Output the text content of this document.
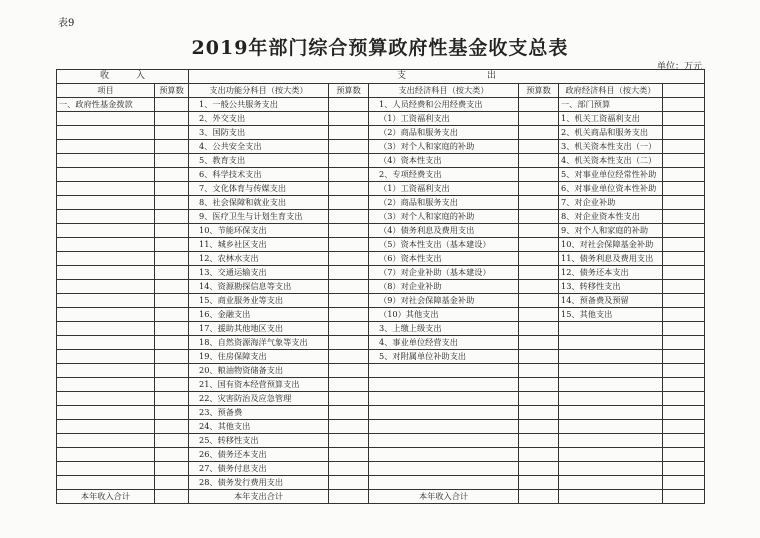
表9
2019年部门综合预算政府性基金收支总表
单位：万元
收　　　入		支　　　　　　　　　出					
项目	预算数	支出功能分科目（按大类）	预算数	支出经济科目（按大类）	预算数	政府经济科目（按大类）	
一、政府性基金拨款		1、一般公共服务支出		1、人员经费和公用经费支出		一、部门预算	
		2、外交支出		（1）工资福利支出		1、机关工资福利支出	
		3、国防支出		（2）商品和服务支出		2、机关商品和服务支出	
		4、公共安全支出		（3）对个人和家庭的补助		3、机关资本性支出（一）	
		5、教育支出		（4）资本性支出		4、机关资本性支出（二）	
		6、科学技术支出		2、专项经费支出		5、对事业单位经常性补助	
		7、文化体育与传媒支出		（1）工资福利支出		6、对事业单位资本性补助	
		8、社会保障和就业支出		（2）商品和服务支出		7、对企业补助	
		9、医疗卫生与计划生育支出		（3）对个人和家庭的补助		8、对企业资本性支出	
		10、节能环保支出		（4）债务利息及费用支出		9、对个人和家庭的补助	
		11、城乡社区支出		（5）资本性支出（基本建设）		10、对社会保障基金补助	
		12、农林水支出		（6）资本性支出		11、债务利息及费用支出	
		13、交通运输支出		（7）对企业补助（基本建设）		12、债务还本支出	
		14、资源勘探信息等支出		（8）对企业补助		13、转移性支出	
		15、商业服务业等支出		（9）对社会保障基金补助		14、预备费及预留	
		16、金融支出		（10）其他支出		15、其他支出	
		17、援助其他地区支出		3、上缴上级支出			
		18、自然资源海洋气象等支出		4、事业单位经营支出			
		19、住房保障支出		5、对附属单位补助支出			
		20、粮油物资储备支出					
		21、国有资本经营预算支出					
		22、灾害防治及应急管理					
		23、预备费					
		24、其他支出					
		25、转移性支出					
		26、债务还本支出					
		27、债务付息支出					
		28、债务发行费用支出					
本年收入合计		本年支出合计		本年收入合计			
